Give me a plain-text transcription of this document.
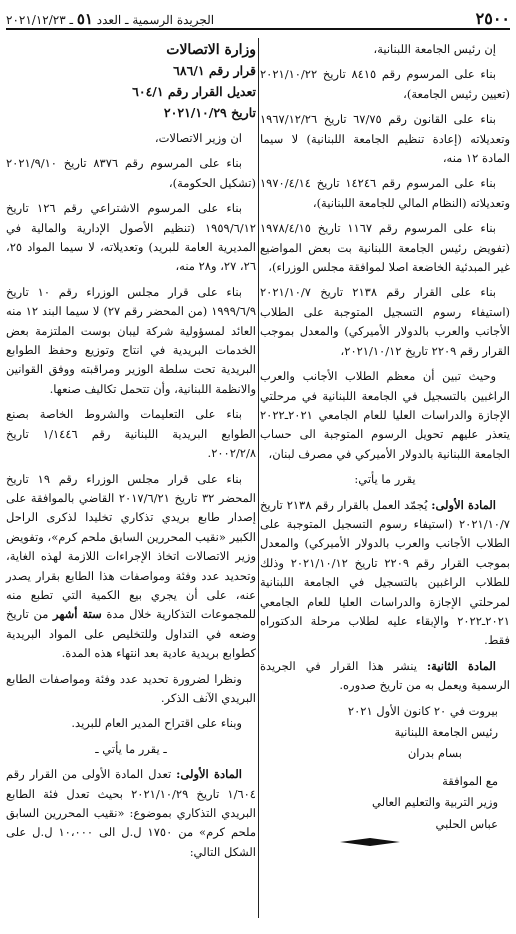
٢٥٠٠
الجريدة الرسمية ـ العدد ٥١ ـ ٢٠٢١/١٢/٢٣

إن رئيس الجامعة اللبنانية،

بناء على المرسوم رقم ٨٤١٥ تاريخ ٢٠٢١/١٠/٢٢ (تعيين رئيس الجامعة)،

بناء على القانون رقم ٦٧/٧٥ تاريخ ١٩٦٧/١٢/٢٦ وتعديلاته (إعادة تنظيم الجامعة اللبنانية) لا سيما المادة ١٢ منه،

بناء على المرسوم رقم ١٤٢٤٦ تاريخ ١٩٧٠/٤/١٤ وتعديلاته (النظام المالي للجامعة اللبنانية)،

بناء على المرسوم رقم ١١٦٧ تاريخ ١٩٧٨/٤/١٥ (تفويض رئيس الجامعة اللبنانية بت بعض المواضيع غير المبدئية الخاضعة اصلا لموافقة مجلس الوزراء)،

بناء على القرار رقم ٢١٣٨ تاريخ ٢٠٢١/١٠/٧ (استيفاء رسوم التسجيل المتوجبة على الطلاب الأجانب والعرب بالدولار الأميركي) والمعدل بموجب القرار رقم ٢٢٠٩ تاريخ ٢٠٢١/١٠/١٢،

وحيث تبين أن معظم الطلاب الأجانب والعرب الراغبين بالتسجيل في الجامعة اللبنانية في مرحلتي الإجازة والدراسات العليا للعام الجامعي ٢٠٢١ـ٢٠٢٢ يتعذر عليهم تحويل الرسوم المتوجبة الى حساب الجامعة اللبنانية بالدولار الأميركي في مصرف لبنان،

يقرر ما يأتي:

المادة الأولى: يُجمّد العمل بالقرار رقم ٢١٣٨ تاريخ ٢٠٢١/١٠/٧ (استيفاء رسوم التسجيل المتوجبة على الطلاب الأجانب والعرب بالدولار الأميركي) والمعدل بموجب القرار رقم ٢٢٠٩ تاريخ ٢٠٢١/١٠/١٢ وذلك للطلاب الراغبين بالتسجيل في الجامعة اللبنانية لمرحلتي الإجازة والدراسات العليا للعام الجامعي ٢٠٢١ـ٢٠٢٢ والإبقاء عليه لطلاب مرحلة الدكتوراه فقط.

المادة الثانية: ينشر هذا القرار في الجريدة الرسمية ويعمل به من تاريخ صدوره.

بيروت في ٢٠ كانون الأول ٢٠٢١

رئيس الجامعة اللبنانية

بسام بدران

مع الموافقة

وزير التربية والتعليم العالي

عباس الحلبي

وزارة الاتصالات

قرار رقم ٦٨٦/١

تعديل القرار رقم ٦٠٤/١

تاريخ ٢٠٢١/١٠/٢٩

ان وزير الاتصالات،

بناء على المرسوم رقم ٨٣٧٦ تاريخ ٢٠٢١/٩/١٠ (تشكيل الحكومة)،

بناء على المرسوم الاشتراعي رقم ١٢٦ تاريخ ١٩٥٩/٦/١٢ (تنظيم الأصول الإدارية والمالية في المديرية العامة للبريد) وتعديلاته، لا سيما المواد ٢٥، ٢٦، ٢٧، و٢٨ منه،

بناء على قرار مجلس الوزراء رقم ١٠ تاريخ ١٩٩٩/٦/٩ (من المحضر رقم ٢٧) لا سيما البند ١٢ منه العائد لمسؤولية شركة ليبان بوست الملتزمة بعض الخدمات البريدية في انتاج وتوزيع وحفظ الطوابع البريدية تحت سلطة الوزير ومراقبته ووفق القوانين والانظمة اللبنانية، وأن تتحمل تكاليف صنعها.

بناء على التعليمات والشروط الخاصة بصنع الطوابع البريدية اللبنانية رقم ١/١٤٤٦ تاريخ ٢٠٠٢/٢/٨.

بناء على قرار مجلس الوزراء رقم ١٩ تاريخ المحضر ٣٢ تاريخ ٢٠١٧/٦/٢١ القاضي بالموافقة على إصدار طابع بريدي تذكاري تخليدا لذكرى الراحل الكبير «نقيب المحررين السابق ملحم كرم»، وتفويض وزير الاتصالات اتخاذ الإجراءات اللازمة لهذه الغاية، وتحديد عدد وفئة ومواصفات هذا الطابع بقرار يصدر عنه، على أن يجري بيع الكمية التي تطبع منه للمجموعات التذكارية خلال مدة ستة أشهر من تاريخ وضعه في التداول وللتخليص على المواد البريدية كطوابع بريدية عادية بعد انتهاء هذه المدة.

ونظرا لضرورة تحديد عدد وفئة ومواصفات الطابع البريدي الآنف الذكر.

وبناء على اقتراح المدير العام للبريد.

ـ يقرر ما يأتي ـ

المادة الأولى: تعدل المادة الأولى من القرار رقم ١/٦٠٤ تاريخ ٢٠٢١/١٠/٢٩ بحيث تعدل فئة الطابع البريدي التذكاري بموضوع: «نقيب المحررين السابق ملحم كرم» من ١٧٥٠ ل.ل الى ١٠،٠٠٠ ل.ل على الشكل التالي:
